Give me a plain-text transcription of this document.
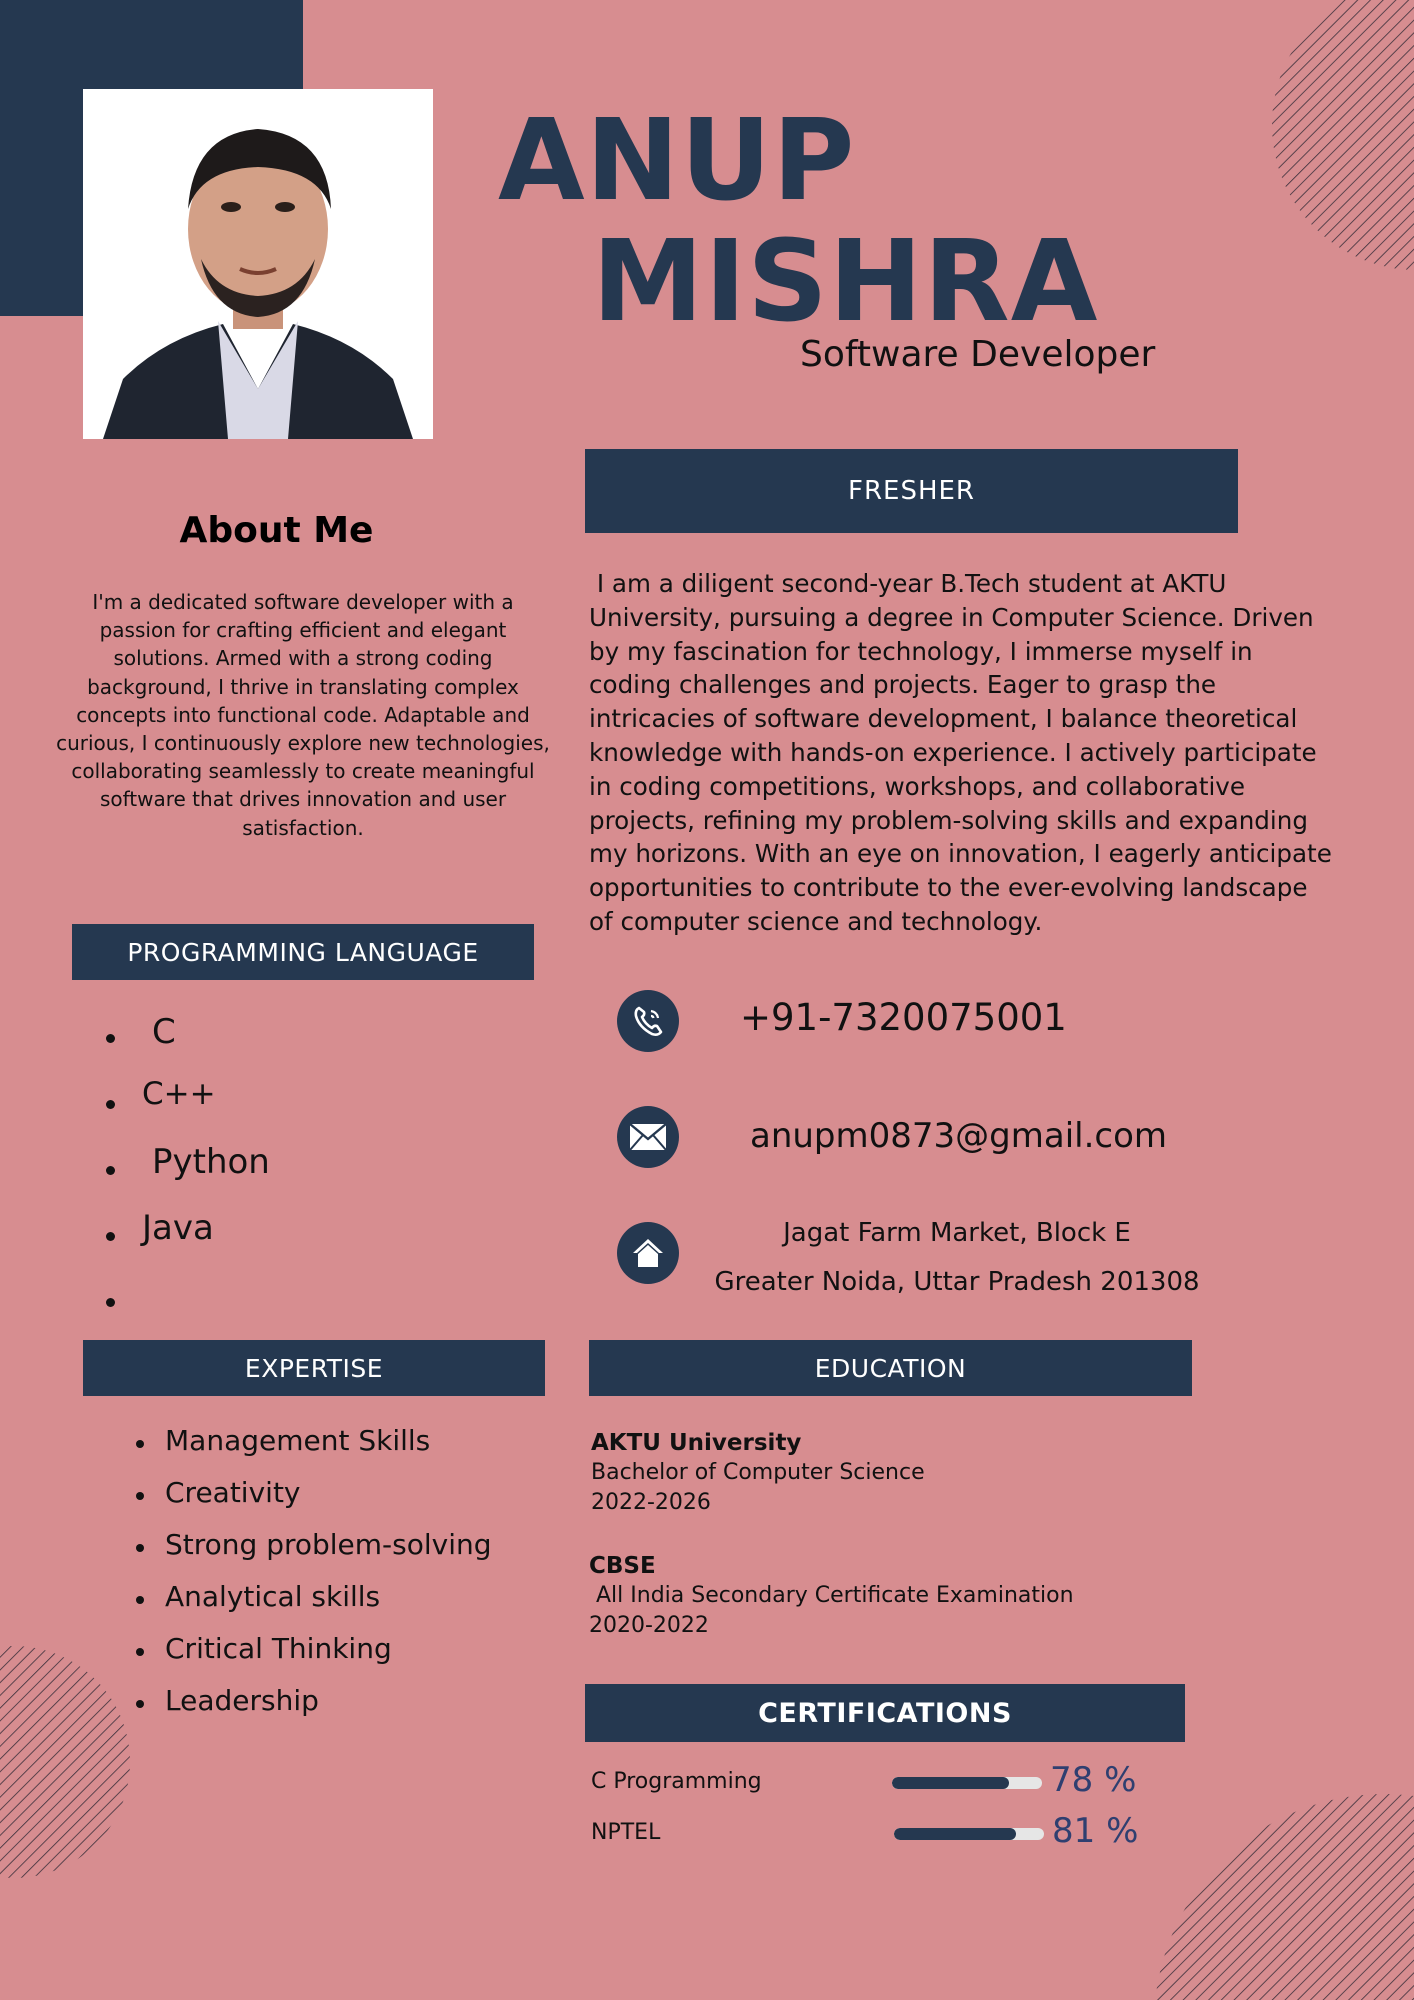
ANUP
MISHRA
Software Developer
FRESHER
About Me
I'm a dedicated software developer with a
passion for crafting efficient and elegant
solutions. Armed with a strong coding
background, I thrive in translating complex
concepts into functional code. Adaptable and
curious, I continuously explore new technologies,
collaborating seamlessly to create meaningful
software that drives innovation and user
satisfaction.
I am a diligent second-year B.Tech student at AKTU
University, pursuing a degree in Computer Science. Driven
by my fascination for technology, I immerse myself in
coding challenges and projects. Eager to grasp the
intricacies of software development, I balance theoretical
knowledge with hands-on experience. I actively participate
in coding competitions, workshops, and collaborative
projects, refining my problem-solving skills and expanding
my horizons. With an eye on innovation, I eagerly anticipate
opportunities to contribute to the ever-evolving landscape
of computer science and technology.
PROGRAMMING LANGUAGE
C
C++
Python
Java
+91-7320075001
anupm0873@gmail.com
Jagat Farm Market, Block E
Greater Noida, Uttar Pradesh 201308
EXPERTISE
Management Skills
Creativity
Strong problem-solving
Analytical skills
Critical Thinking
Leadership
EDUCATION
AKTU University
Bachelor of Computer Science
2022-2026
CBSE
All India Secondary Certificate Examination
2020-2022
CERTIFICATIONS
C Programming	78 %
NPTEL	81 %
